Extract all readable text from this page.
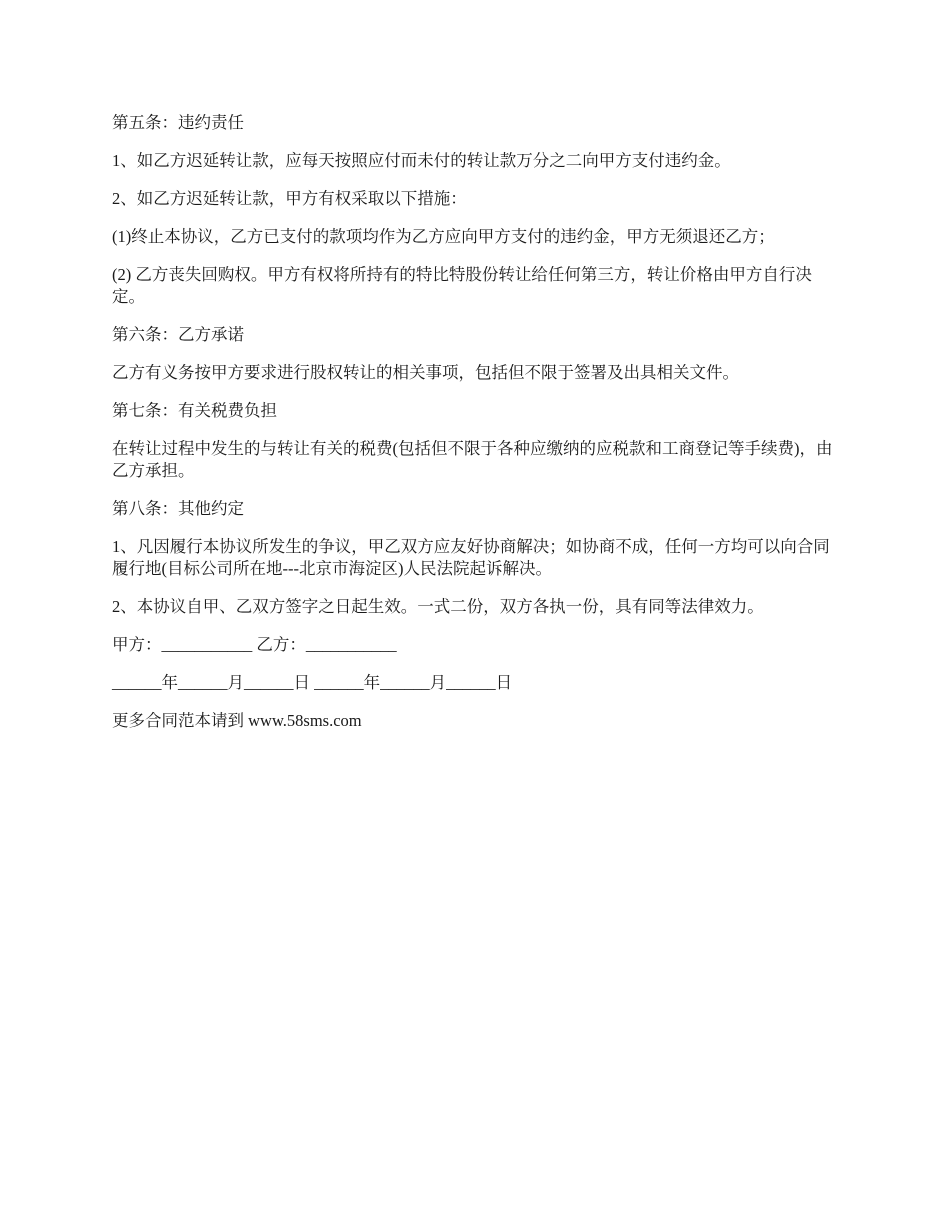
第五条：违约责任

1、如乙方迟延转让款，应每天按照应付而未付的转让款万分之二向甲方支付违约金。

2、如乙方迟延转让款，甲方有权采取以下措施：

(1)终止本协议，乙方已支付的款项均作为乙方应向甲方支付的违约金，甲方无须退还乙方；

(2) 乙方丧失回购权。甲方有权将所持有的特比特股份转让给任何第三方，转让价格由甲方自行决定。

第六条：乙方承诺

乙方有义务按甲方要求进行股权转让的相关事项，包括但不限于签署及出具相关文件。

第七条：有关税费负担

在转让过程中发生的与转让有关的税费(包括但不限于各种应缴纳的应税款和工商登记等手续费)，由乙方承担。

第八条：其他约定

1、凡因履行本协议所发生的争议，甲乙双方应友好协商解决；如协商不成，任何一方均可以向合同履行地(目标公司所在地---北京市海淀区)人民法院起诉解决。

2、本协议自甲、乙双方签字之日起生效。一式二份，双方各执一份，具有同等法律效力。

甲方：___________ 乙方：___________

______年______月______日 ______年______月______日

更多合同范本请到 www.58sms.com
